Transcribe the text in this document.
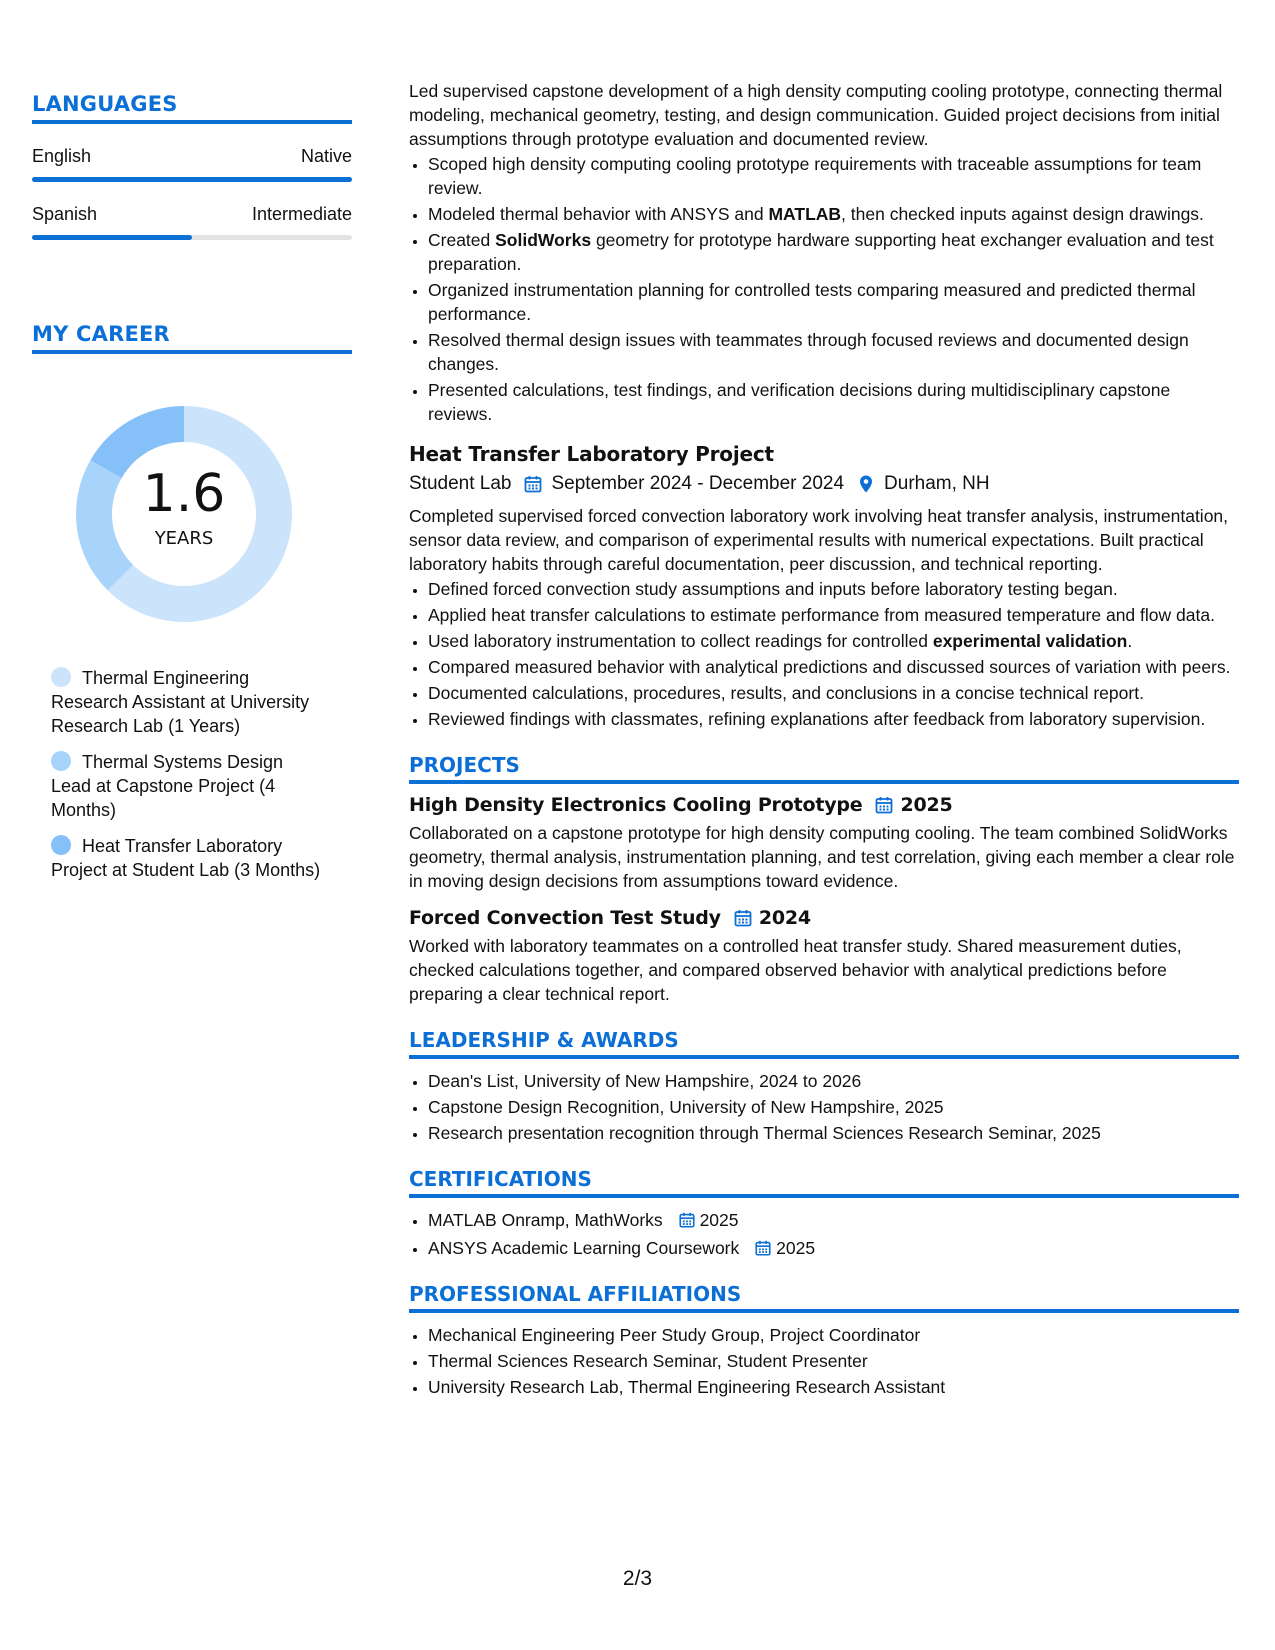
LANGUAGES
English	Native
Spanish	Intermediate
MY CAREER
1.6
YEARS
Thermal Engineering Research Assistant at University Research Lab (1 Years)
Thermal Systems Design Lead at Capstone Project (4 Months)
Heat Transfer Laboratory Project at Student Lab (3 Months)

Led supervised capstone development of a high density computing cooling prototype, connecting thermal modeling, mechanical geometry, testing, and design communication. Guided project decisions from initial assumptions through prototype evaluation and documented review.

• Scoped high density computing cooling prototype requirements with traceable assumptions for team review.
• Modeled thermal behavior with ANSYS and MATLAB, then checked inputs against design drawings.
• Created SolidWorks geometry for prototype hardware supporting heat exchanger evaluation and test preparation.
• Organized instrumentation planning for controlled tests comparing measured and predicted thermal performance.
• Resolved thermal design issues with teammates through focused reviews and documented design changes.
• Presented calculations, test findings, and verification decisions during multidisciplinary capstone reviews.
Heat Transfer Laboratory Project
Student Lab September 2024 - December 2024 Durham, NH

Completed supervised forced convection laboratory work involving heat transfer analysis, instrumentation, sensor data review, and comparison of experimental results with numerical expectations. Built practical laboratory habits through careful documentation, peer discussion, and technical reporting.

• Defined forced convection study assumptions and inputs before laboratory testing began.
• Applied heat transfer calculations to estimate performance from measured temperature and flow data.
• Used laboratory instrumentation to collect readings for controlled experimental validation.
• Compared measured behavior with analytical predictions and discussed sources of variation with peers.
• Documented calculations, procedures, results, and conclusions in a concise technical report.
• Reviewed findings with classmates, refining explanations after feedback from laboratory supervision.
PROJECTS
High Density Electronics Cooling Prototype 2025

Collaborated on a capstone prototype for high density computing cooling. The team combined SolidWorks geometry, thermal analysis, instrumentation planning, and test correlation, giving each member a clear role in moving design decisions from assumptions toward evidence.

Forced Convection Test Study 2024

Worked with laboratory teammates on a controlled heat transfer study. Shared measurement duties, checked calculations together, and compared observed behavior with analytical predictions before preparing a clear technical report.

LEADERSHIP & AWARDS
• Dean's List, University of New Hampshire, 2024 to 2026
• Capstone Design Recognition, University of New Hampshire, 2025
• Research presentation recognition through Thermal Sciences Research Seminar, 2025
CERTIFICATIONS
• MATLAB Onramp, MathWorks 2025
• ANSYS Academic Learning Coursework 2025
PROFESSIONAL AFFILIATIONS
• Mechanical Engineering Peer Study Group, Project Coordinator
• Thermal Sciences Research Seminar, Student Presenter
• University Research Lab, Thermal Engineering Research Assistant
2/3
